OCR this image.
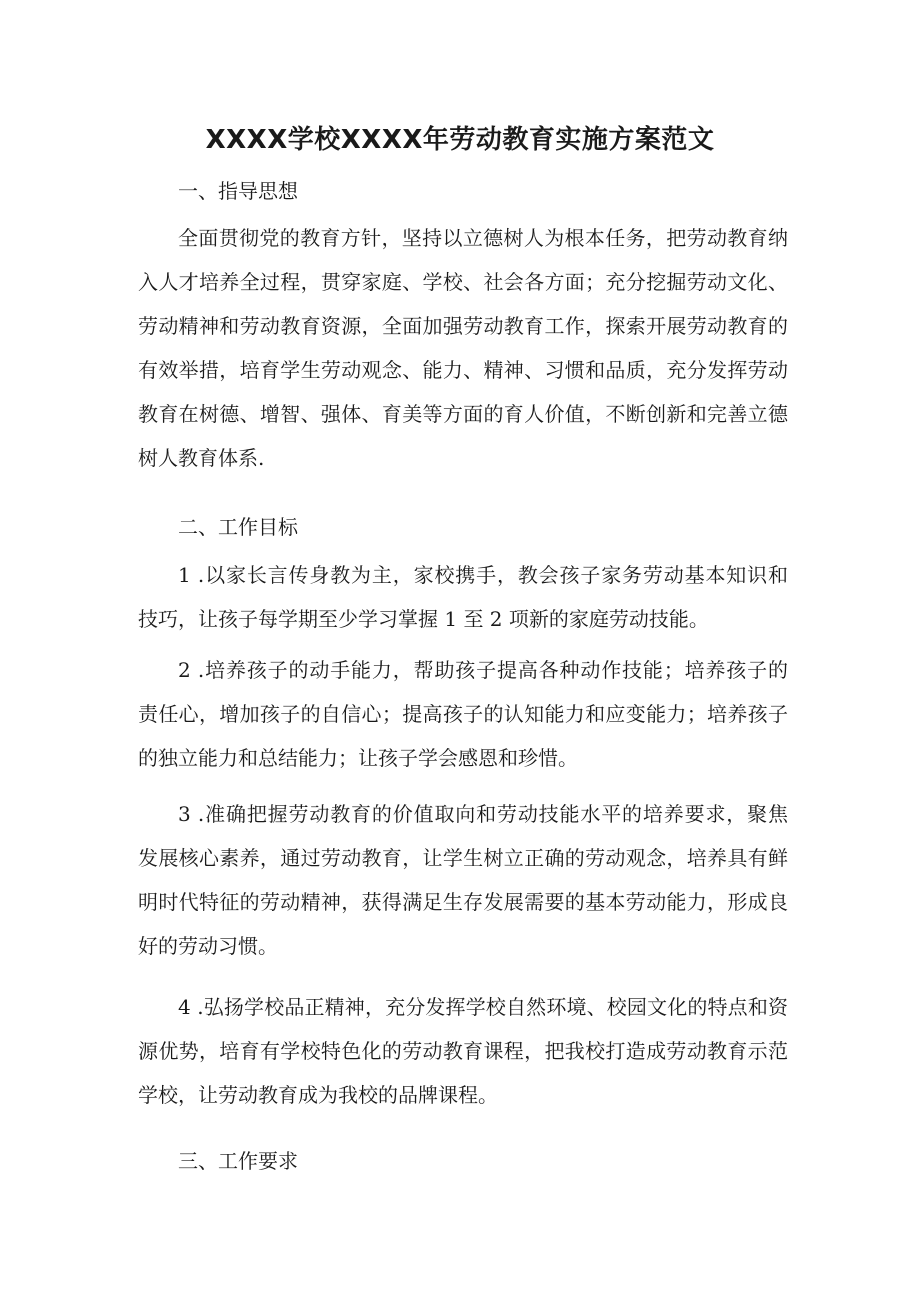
XXXX学校XXXX年劳动教育实施方案范文

一、指导思想

全面贯彻党的教育方针，坚持以立德树人为根本任务，把劳动教育纳
入人才培养全过程，贯穿家庭、学校、社会各方面；充分挖掘劳动文化、
劳动精神和劳动教育资源，全面加强劳动教育工作，探索开展劳动教育的
有效举措，培育学生劳动观念、能力、精神、习惯和品质，充分发挥劳动
教育在树德、增智、强体、育美等方面的育人价值，不断创新和完善立德
树人教育体系.

二、工作目标

1 .以家长言传身教为主，家校携手，教会孩子家务劳动基本知识和
技巧，让孩子每学期至少学习掌握 1 至 2 项新的家庭劳动技能。
2 .培养孩子的动手能力，帮助孩子提高各种动作技能；培养孩子的
责任心，增加孩子的自信心；提高孩子的认知能力和应变能力；培养孩子
的独立能力和总结能力；让孩子学会感恩和珍惜。
3 .准确把握劳动教育的价值取向和劳动技能水平的培养要求，聚焦
发展核心素养，通过劳动教育，让学生树立正确的劳动观念，培养具有鲜
明时代特征的劳动精神，获得满足生存发展需要的基本劳动能力，形成良
好的劳动习惯。
4 .弘扬学校品正精神，充分发挥学校自然环境、校园文化的特点和资
源优势，培育有学校特色化的劳动教育课程，把我校打造成劳动教育示范
学校，让劳动教育成为我校的品牌课程。

三、工作要求
